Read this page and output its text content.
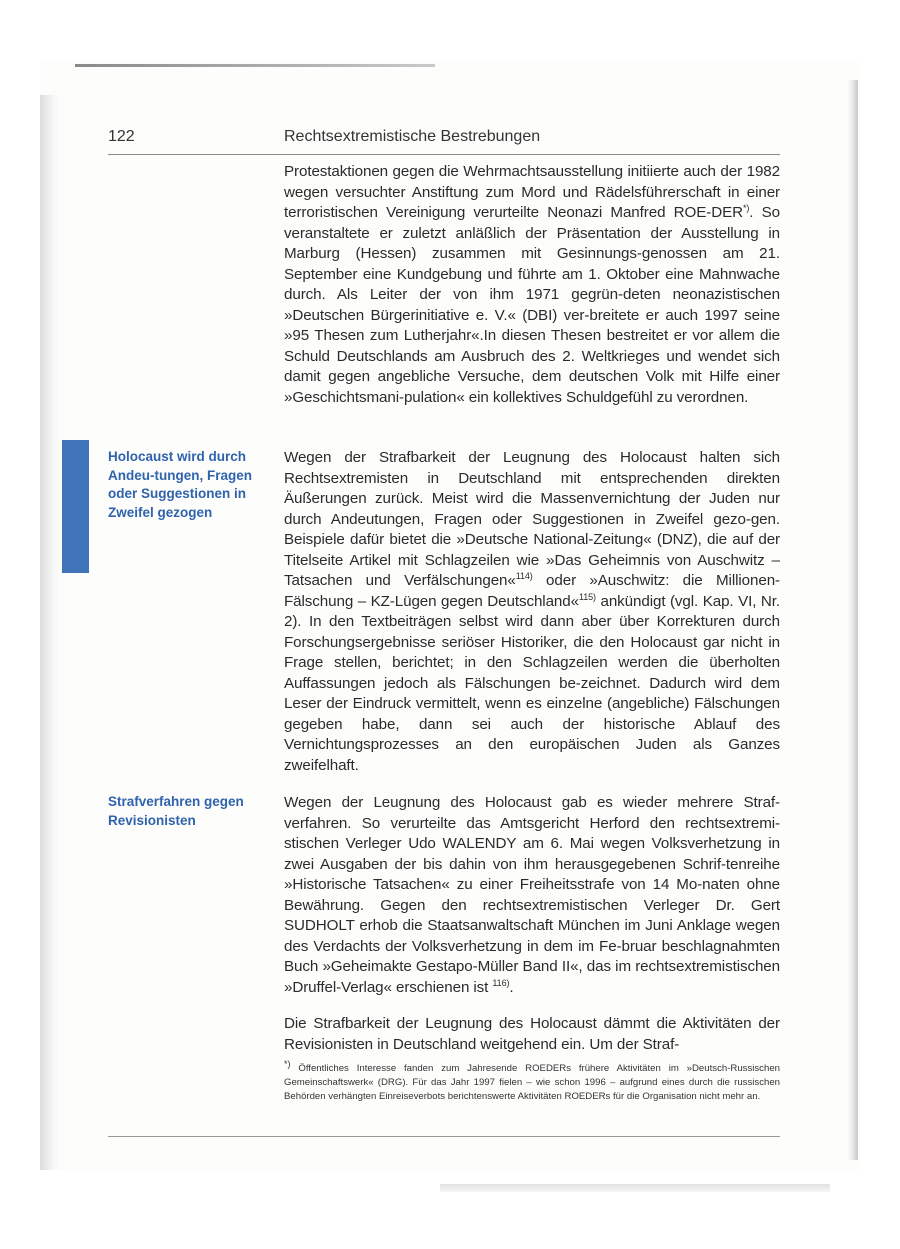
122	Rechtsextremistische Bestrebungen
Holocaust wird durch Andeu-tungen, Fragen oder Suggestionen in Zweifel gezogen
Strafverfahren gegen Revisionisten

Protestaktionen gegen die Wehrmachtsausstellung initiierte auch der 1982 wegen versuchter Anstiftung zum Mord und Rädelsführerschaft in einer terroristischen Vereinigung verurteilte Neonazi Manfred ROE-DER*). So veranstaltete er zuletzt anläßlich der Präsentation der Ausstellung in Marburg (Hessen) zusammen mit Gesinnungs-genossen am 21. September eine Kundgebung und führte am 1. Oktober eine Mahnwache durch. Als Leiter der von ihm 1971 gegrün-deten neonazistischen »Deutschen Bürgerinitiative e. V.« (DBI) ver-breitete er auch 1997 seine »95 Thesen zum Lutherjahr«.In diesen Thesen bestreitet er vor allem die Schuld Deutschlands am Ausbruch des 2. Weltkrieges und wendet sich damit gegen angebliche Versuche, dem deutschen Volk mit Hilfe einer »Geschichtsmani-pulation« ein kollektives Schuldgefühl zu verordnen.

Wegen der Strafbarkeit der Leugnung des Holocaust halten sich Rechtsextremisten in Deutschland mit entsprechenden direkten Äußerungen zurück. Meist wird die Massenvernichtung der Juden nur durch Andeutungen, Fragen oder Suggestionen in Zweifel gezo-gen. Beispiele dafür bietet die »Deutsche National-Zeitung« (DNZ), die auf der Titelseite Artikel mit Schlagzeilen wie »Das Geheimnis von Auschwitz – Tatsachen und Verfälschungen«$^{114)}$ oder »Auschwitz: die Millionen-Fälschung – KZ-Lügen gegen Deutschland«$^{115)}$ ankündigt (vgl. Kap. VI, Nr. 2). In den Textbeiträgen selbst wird dann aber über Korrekturen durch Forschungsergebnisse seriöser Historiker, die den Holocaust gar nicht in Frage stellen, berichtet; in den Schlagzeilen werden die überholten Auffassungen jedoch als Fälschungen be-zeichnet. Dadurch wird dem Leser der Eindruck vermittelt, wenn es einzelne (angebliche) Fälschungen gegeben habe, dann sei auch der historische Ablauf des Vernichtungsprozesses an den europäischen Juden als Ganzes zweifelhaft.

Wegen der Leugnung des Holocaust gab es wieder mehrere Straf-verfahren. So verurteilte das Amtsgericht Herford den rechtsextremi-stischen Verleger Udo WALENDY am 6. Mai wegen Volksverhetzung in zwei Ausgaben der bis dahin von ihm herausgegebenen Schrif-tenreihe »Historische Tatsachen« zu einer Freiheitsstrafe von 14 Mo-naten ohne Bewährung. Gegen den rechtsextremistischen Verleger Dr. Gert SUDHOLT erhob die Staatsanwaltschaft München im Juni Anklage wegen des Verdachts der Volksverhetzung in dem im Fe-bruar beschlagnahmten Buch »Geheimakte Gestapo-Müller Band II«, das im rechtsextremistischen »Druffel-Verlag« erschienen ist $^{116)}$.

Die Strafbarkeit der Leugnung des Holocaust dämmt die Aktivitäten der Revisionisten in Deutschland weitgehend ein. Um der Straf-

*) Öffentliches Interesse fanden zum Jahresende ROEDERs frühere Aktivitäten im »Deutsch-Russischen Gemeinschaftswerk« (DRG). Für das Jahr 1997 fielen – wie schon 1996 – aufgrund eines durch die russischen Behörden verhängten Einreiseverbots berichtenswerte Aktivitäten ROEDERs für die Organisation nicht mehr an.
